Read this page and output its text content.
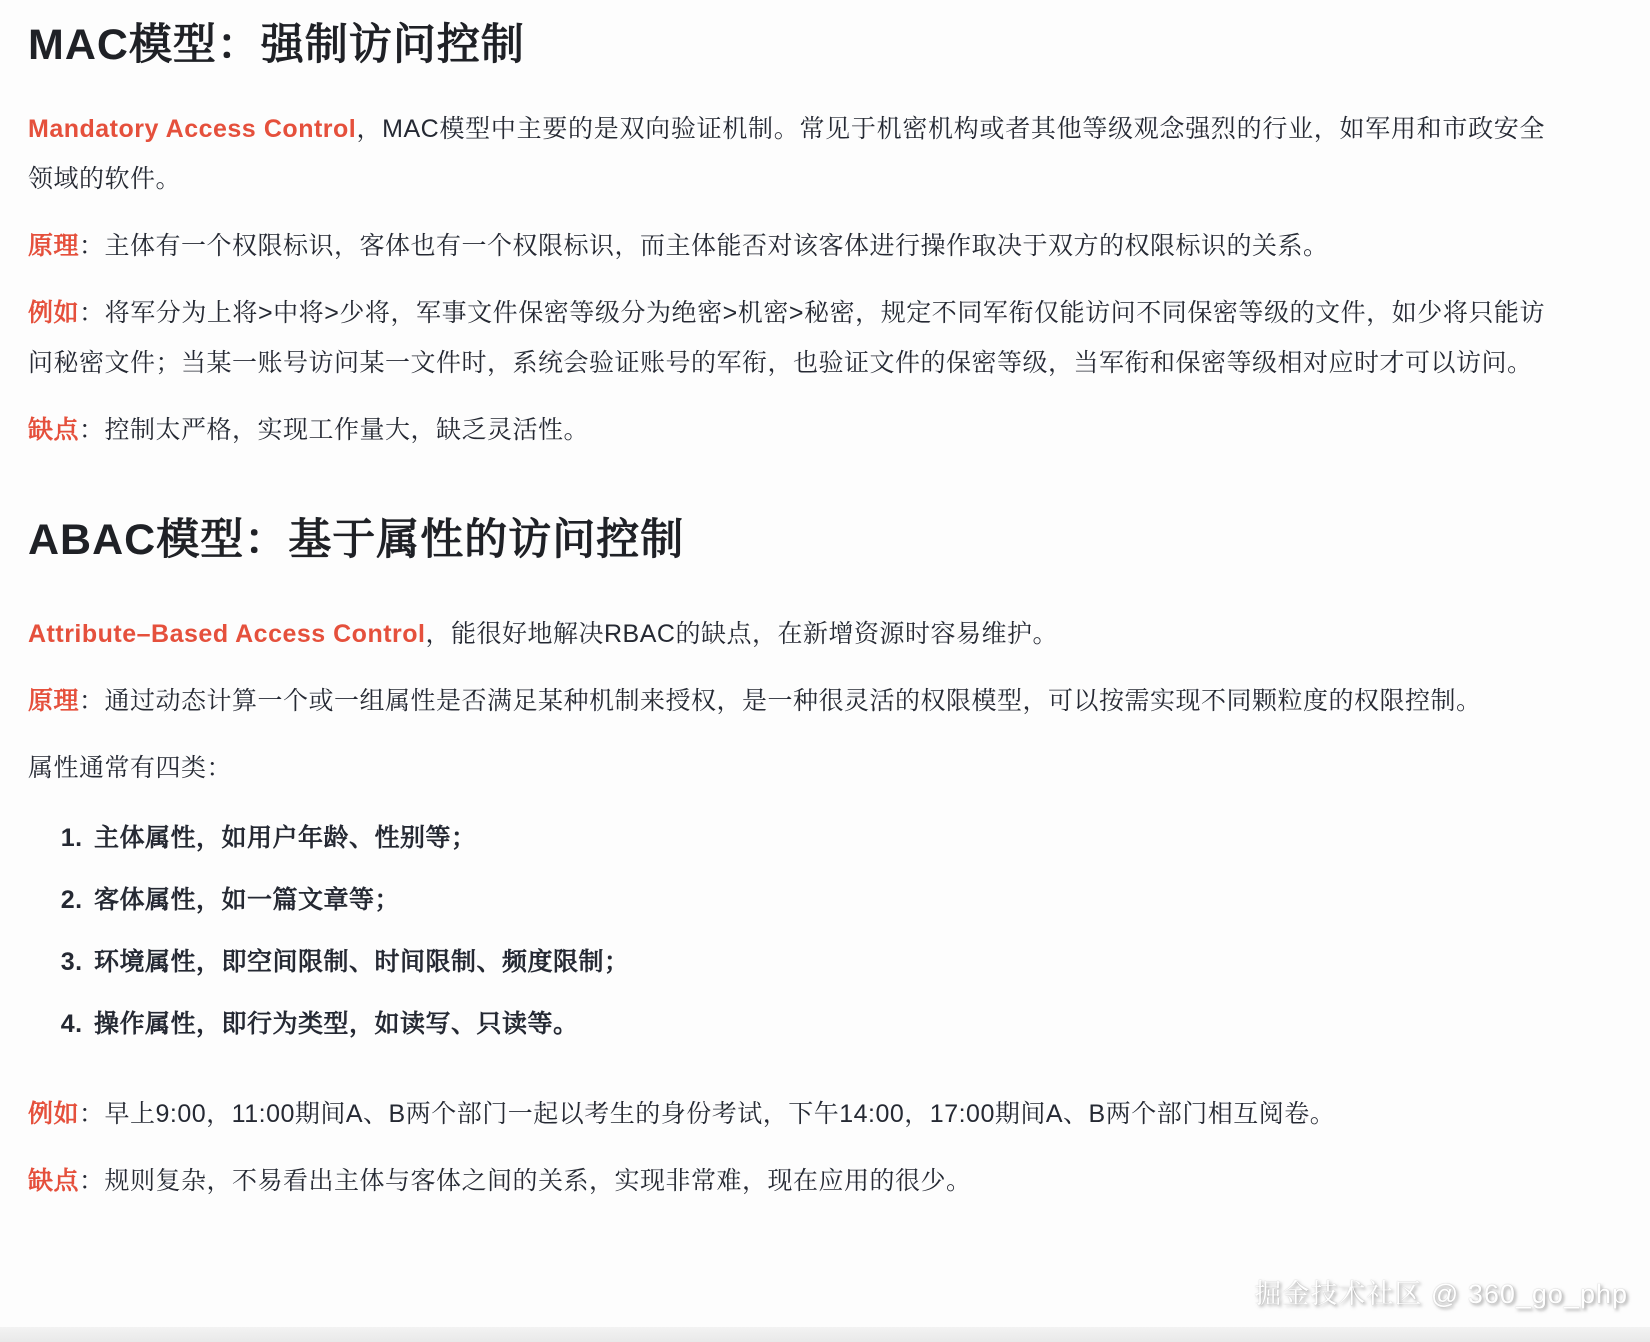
MAC模型：强制访问控制

Mandatory Access Control，MAC模型中主要的是双向验证机制。常见于机密机构或者其他等级观念强烈的行业，如军用和市政安全领域的软件。

原理：主体有一个权限标识，客体也有一个权限标识，而主体能否对该客体进行操作取决于双方的权限标识的关系。

例如：将军分为上将>中将>少将，军事文件保密等级分为绝密>机密>秘密，规定不同军衔仅能访问不同保密等级的文件，如少将只能访问秘密文件；当某一账号访问某一文件时，系统会验证账号的军衔，也验证文件的保密等级，当军衔和保密等级相对应时才可以访问。

缺点：控制太严格，实现工作量大，缺乏灵活性。

ABAC模型：基于属性的访问控制

Attribute–Based Access Control，能很好地解决RBAC的缺点，在新增资源时容易维护。

原理：通过动态计算一个或一组属性是否满足某种机制来授权，是一种很灵活的权限模型，可以按需实现不同颗粒度的权限控制。

属性通常有四类：

1. 主体属性，如用户年龄、性别等；
2. 客体属性，如一篇文章等；
3. 环境属性，即空间限制、时间限制、频度限制；
4. 操作属性，即行为类型，如读写、只读等。

例如：早上9:00，11:00期间A、B两个部门一起以考生的身份考试，下午14:00，17:00期间A、B两个部门相互阅卷。

缺点：规则复杂，不易看出主体与客体之间的关系，实现非常难，现在应用的很少。

掘金技术社区 @ 360_go_php
